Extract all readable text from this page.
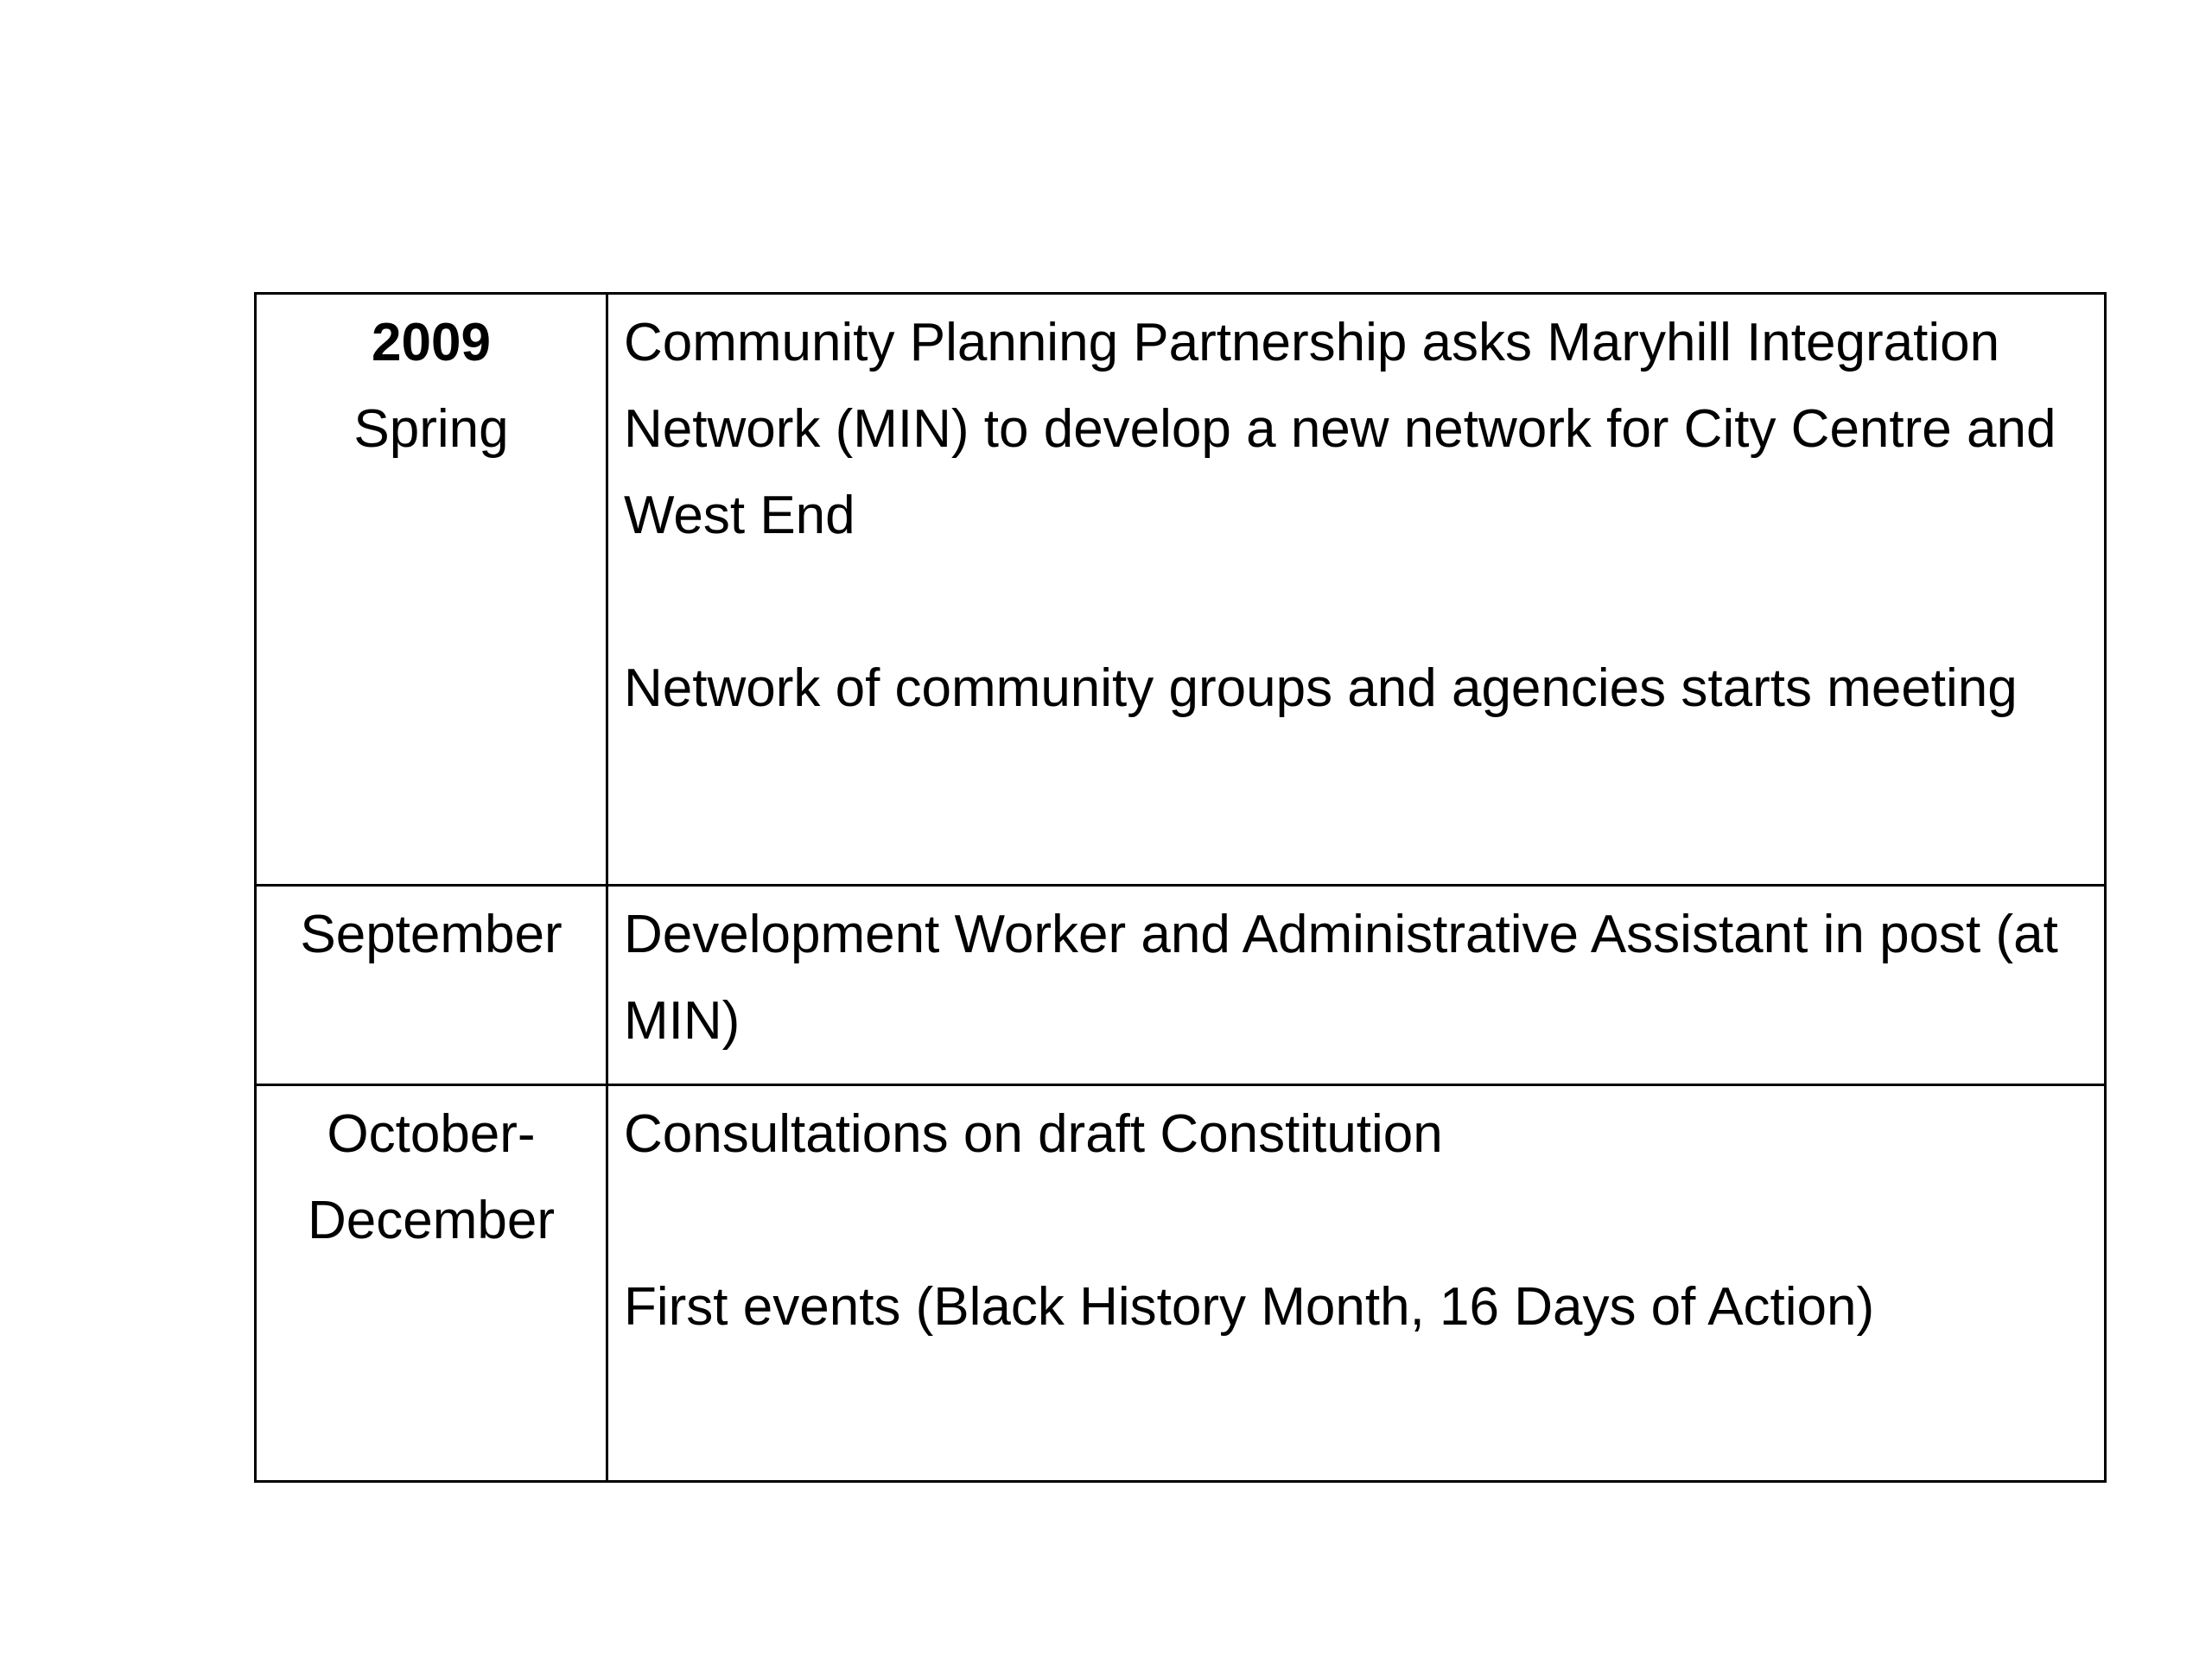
2009
Spring	Community Planning Partnership asks Maryhill Integration Network (MIN) to develop a new network for City Centre and West End
Network of community groups and agencies starts meeting

September	Development Worker and Administrative Assistant in post (at MIN)

October-
December	Consultations on draft Constitution
First events (Black History Month, 16 Days of Action)
